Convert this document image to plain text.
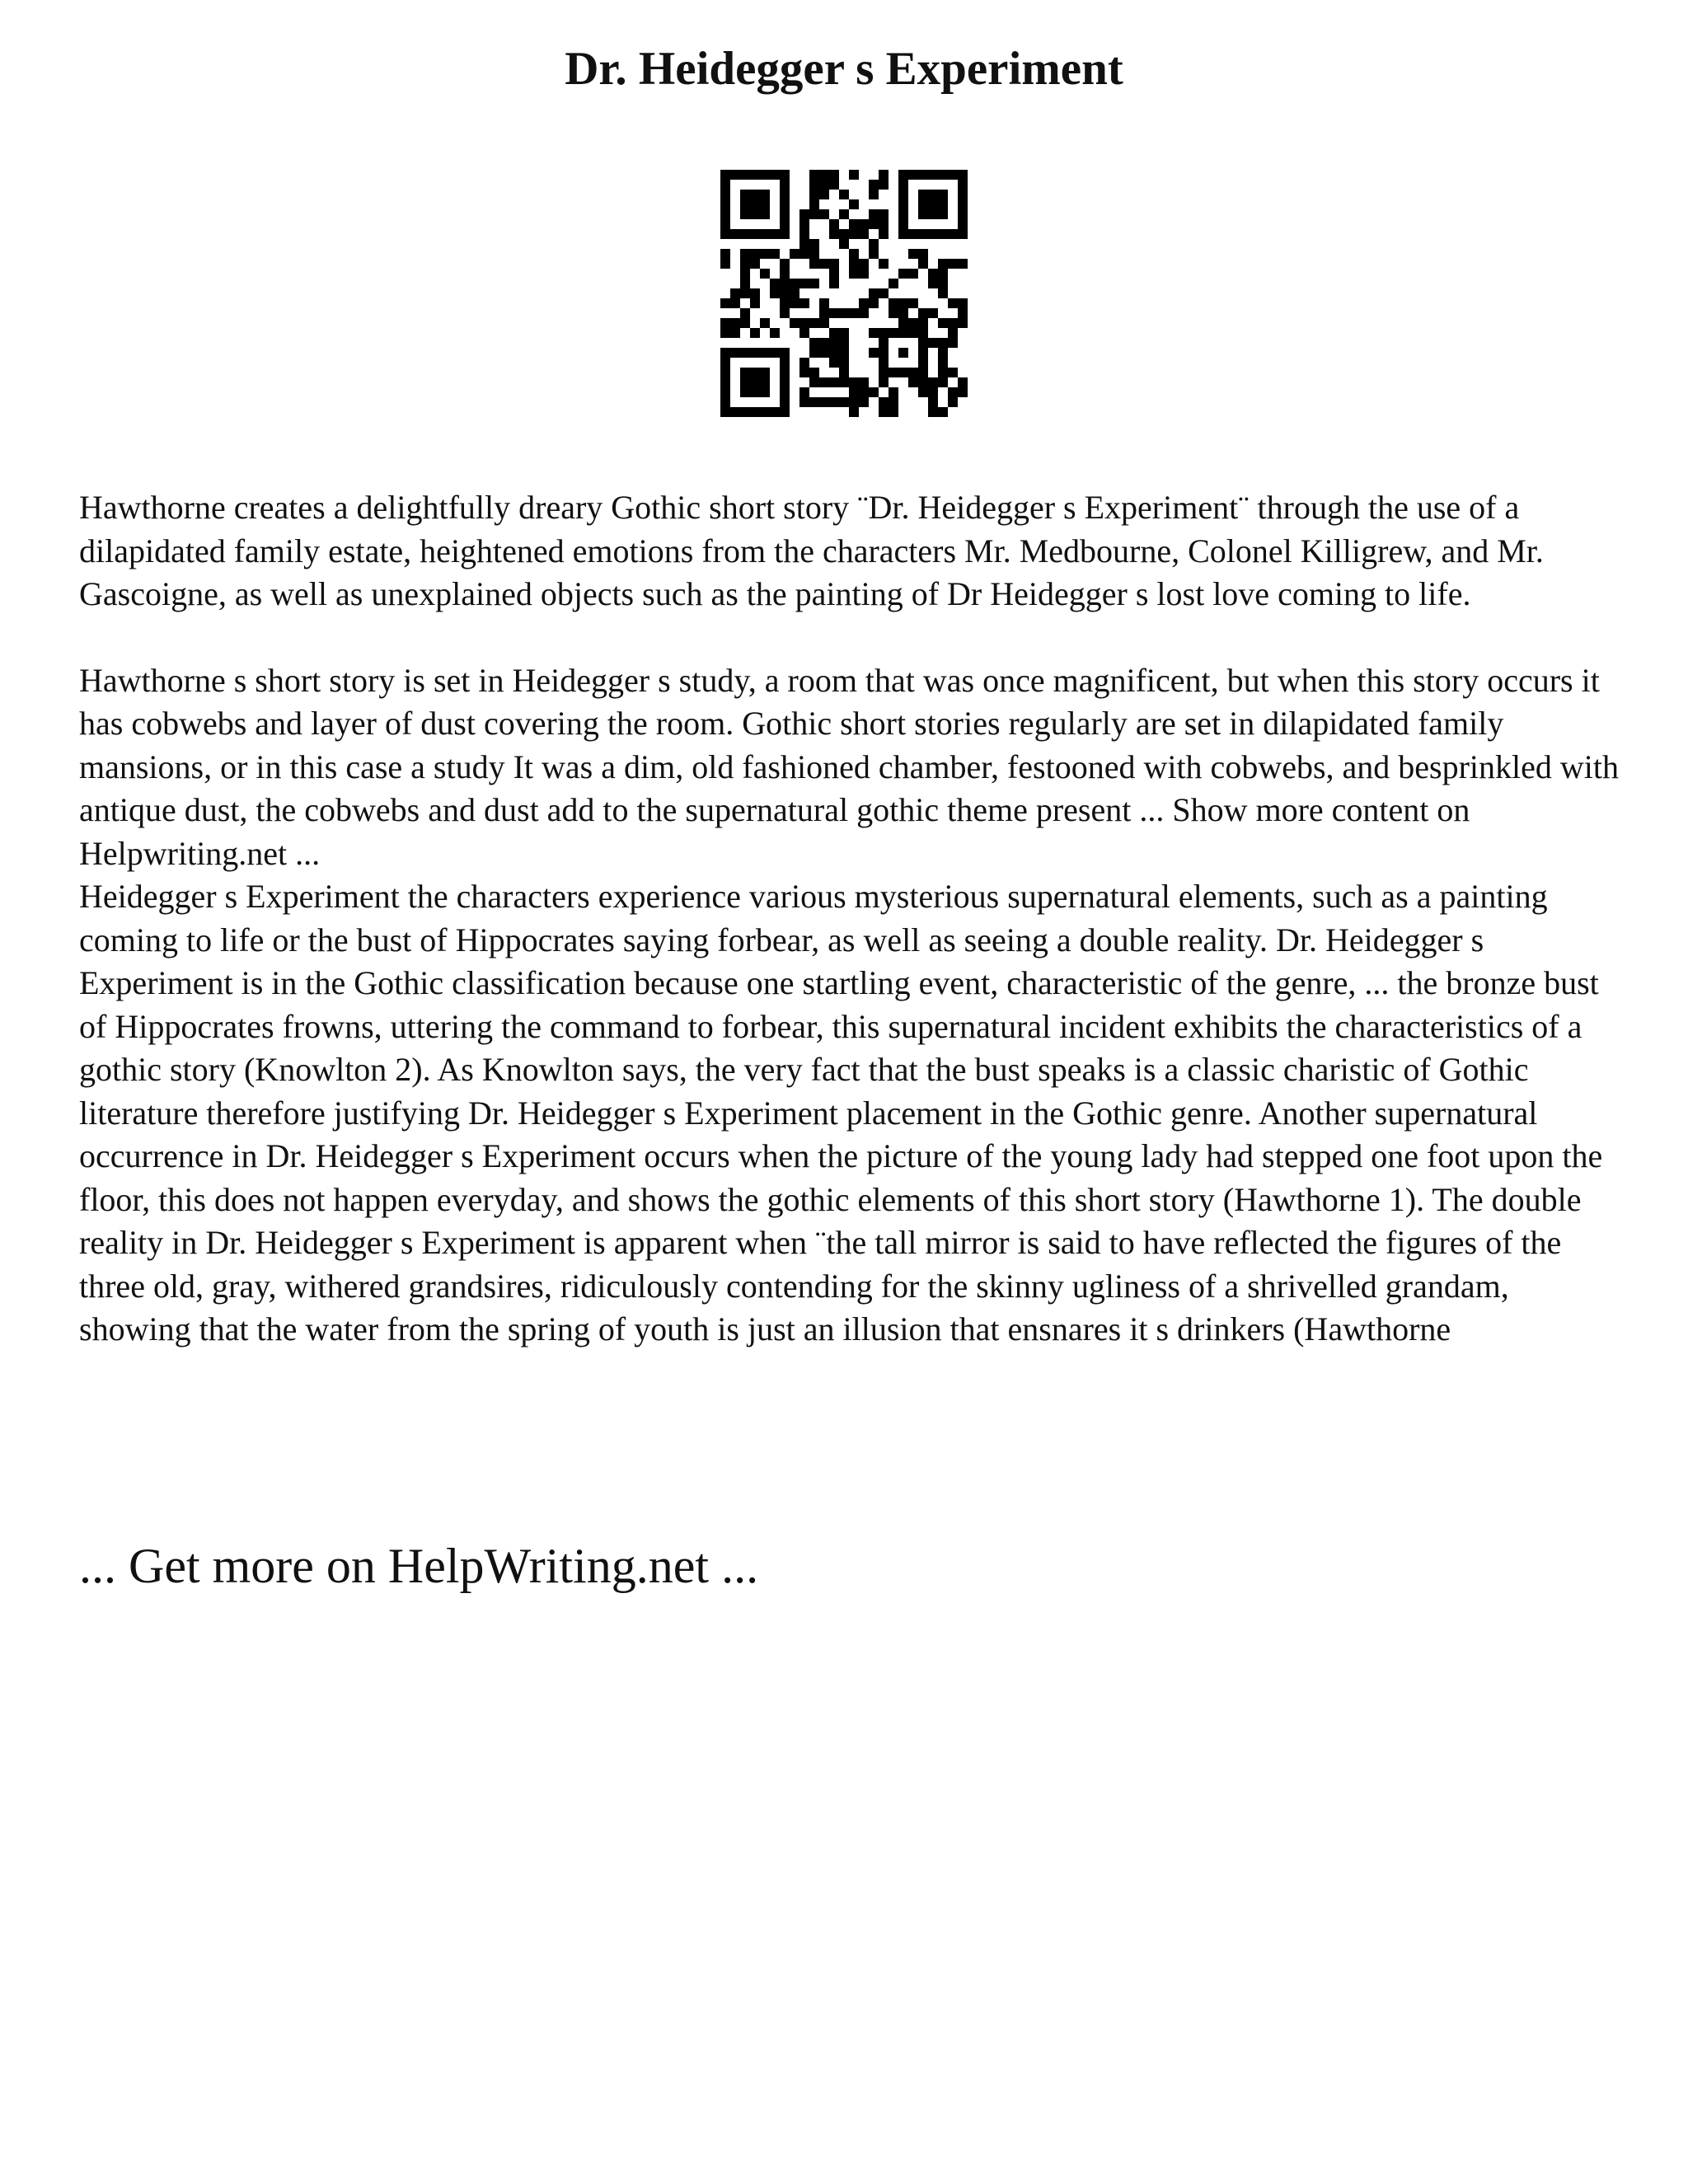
Dr. Heidegger s Experiment

Hawthorne creates a delightfully dreary Gothic short story ¨Dr. Heidegger s Experiment¨ through the use of a dilapidated family estate, heightened emotions from the characters Mr. Medbourne, Colonel Killigrew, and Mr. Gascoigne, as well as unexplained objects such as the painting of Dr Heidegger s lost love coming to life.

Hawthorne s short story is set in Heidegger s study, a room that was once magnificent, but when this story occurs it has cobwebs and layer of dust covering the room. Gothic short stories regularly are set in dilapidated family mansions, or in this case a study It was a dim, old fashioned chamber, festooned with cobwebs, and besprinkled with antique dust, the cobwebs and dust add to the supernatural gothic theme present ... Show more content on Helpwriting.net ...

Heidegger s Experiment the characters experience various mysterious supernatural elements, such as a painting coming to life or the bust of Hippocrates saying forbear, as well as seeing a double reality. Dr. Heidegger s Experiment is in the Gothic classification because one startling event, characteristic of the genre, ... the bronze bust of Hippocrates frowns, uttering the command to forbear, this supernatural incident exhibits the characteristics of a gothic story (Knowlton 2). As Knowlton says, the very fact that the bust speaks is a classic charistic of Gothic literature therefore justifying Dr. Heidegger s Experiment placement in the Gothic genre. Another supernatural occurrence in Dr. Heidegger s Experiment occurs when the picture of the young lady had stepped one foot upon the floor, this does not happen everyday, and shows the gothic elements of this short story (Hawthorne 1). The double reality in Dr. Heidegger s Experiment is apparent when ¨the tall mirror is said to have reflected the figures of the three old, gray, withered grandsires, ridiculously contending for the skinny ugliness of a shrivelled grandam, showing that the water from the spring of youth is just an illusion that ensnares it s drinkers (Hawthorne

... Get more on HelpWriting.net ...
